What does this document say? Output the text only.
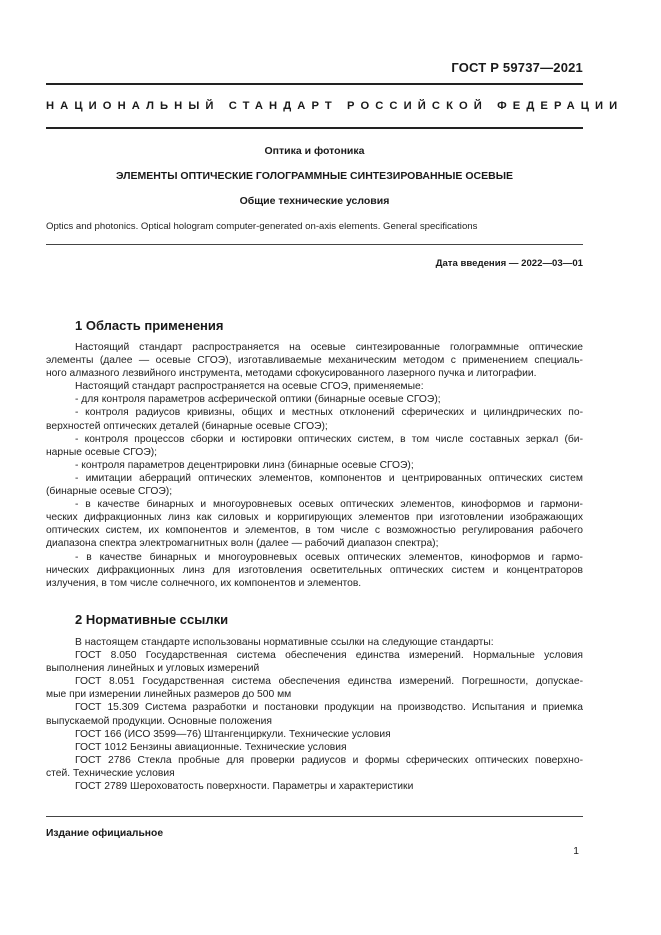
ГОСТ Р 59737—2021
НАЦИОНАЛЬНЫЙ СТАНДАРТ РОССИЙСКОЙ ФЕДЕРАЦИИ
Оптика и фотоника
ЭЛЕМЕНТЫ ОПТИЧЕСКИЕ ГОЛОГРАММНЫЕ СИНТЕЗИРОВАННЫЕ ОСЕВЫЕ
Общие технические условия
Optics and photonics. Optical hologram computer-generated on-axis elements. General specifications
Дата введения — 2022—03—01
1 Область применения
Настоящий стандарт распространяется на осевые синтезированные голограммные оптические
элементы (далее — осевые СГОЭ), изготавливаемые механическим методом с применением специаль-
ного алмазного лезвийного инструмента, методами сфокусированного лазерного пучка и литографии.
Настоящий стандарт распространяется на осевые СГОЭ, применяемые:
- для контроля параметров асферической оптики (бинарные осевые СГОЭ);
- контроля радиусов кривизны, общих и местных отклонений сферических и цилиндрических по-
верхностей оптических деталей (бинарные осевые СГОЭ);
- контроля процессов сборки и юстировки оптических систем, в том числе составных зеркал (би-
нарные осевые СГОЭ);
- контроля параметров децентрировки линз (бинарные осевые СГОЭ);
- имитации аберраций оптических элементов, компонентов и центрированных оптических систем
(бинарные осевые СГОЭ);
- в качестве бинарных и многоуровневых осевых оптических элементов, киноформов и гармони-
ческих дифракционных линз как силовых и корригирующих элементов при изготовлении изображающих
оптических систем, их компонентов и элементов, в том числе с возможностью регулирования рабочего
диапазона спектра электромагнитных волн (далее — рабочий диапазон спектра);
- в качестве бинарных и многоуровневых осевых оптических элементов, киноформов и гармо-
нических дифракционных линз для изготовления осветительных оптических систем и концентраторов
излучения, в том числе солнечного, их компонентов и элементов.
2 Нормативные ссылки
В настоящем стандарте использованы нормативные ссылки на следующие стандарты:
ГОСТ 8.050 Государственная система обеспечения единства измерений. Нормальные условия
выполнения линейных и угловых измерений
ГОСТ 8.051 Государственная система обеспечения единства измерений. Погрешности, допускае-
мые при измерении линейных размеров до 500 мм
ГОСТ 15.309 Система разработки и постановки продукции на производство. Испытания и приемка
выпускаемой продукции. Основные положения
ГОСТ 166 (ИСО 3599—76) Штангенциркули. Технические условия
ГОСТ 1012 Бензины авиационные. Технические условия
ГОСТ 2786 Стекла пробные для проверки радиусов и формы сферических оптических поверхно-
стей. Технические условия
ГОСТ 2789 Шероховатость поверхности. Параметры и характеристики
Издание официальное
1
